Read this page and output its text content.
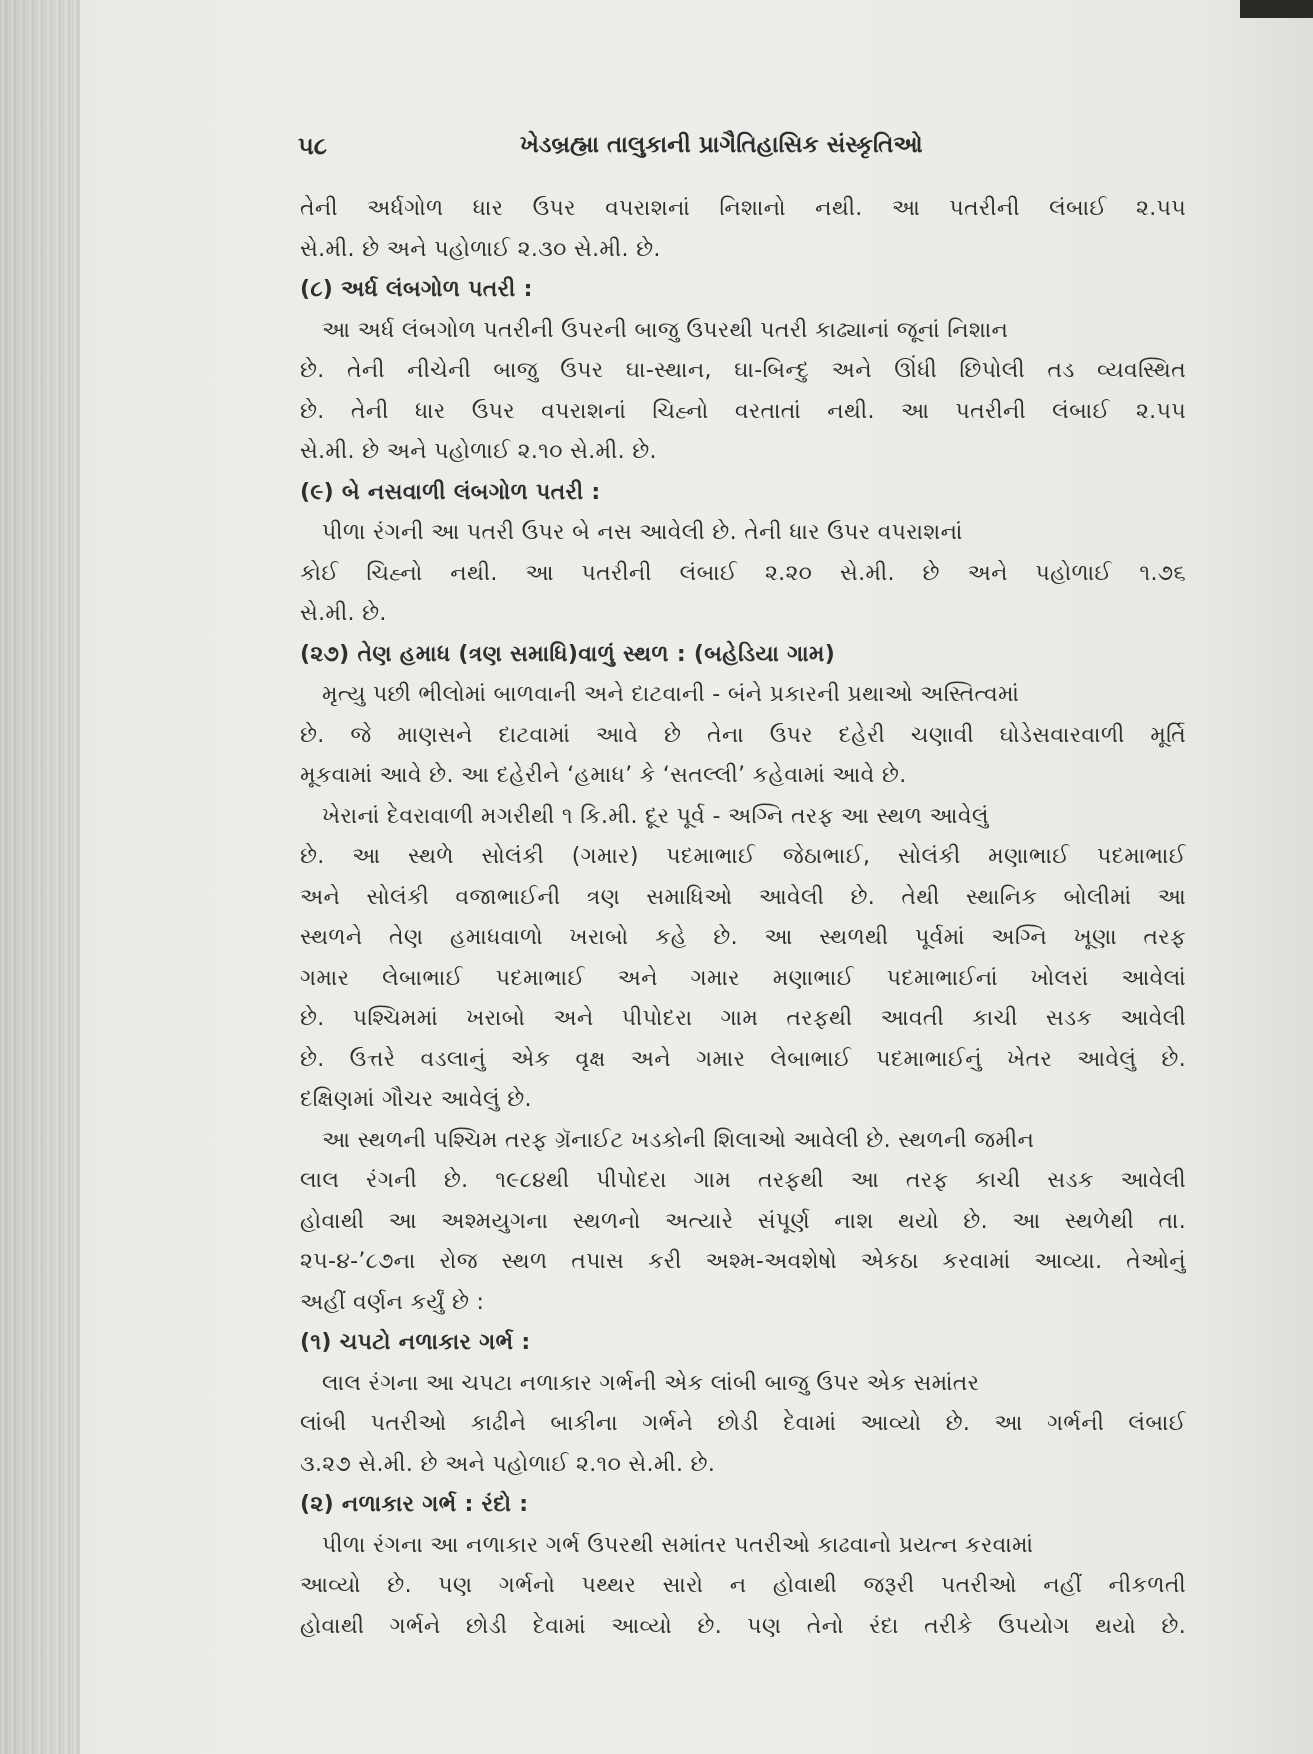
૫૮	ખેડબ્રહ્મા તાલુકાની પ્રાગૈતિહાસિક સંસ્કૃતિઓ
તેની અર્ધગોળ ધાર ઉપર વપરાશનાં નિશાનો નથી. આ પતરીની લંબાઈ ૨.૫૫
સે.મી. છે અને પહોળાઈ ૨.૩૦ સે.મી. છે.
(૮) અર્ધ લંબગોળ પતરી :
આ અર્ધ લંબગોળ પતરીની ઉપરની બાજુ ઉપરથી પતરી કાઢ્યાનાં જૂનાં નિશાન
છે. તેની નીચેની બાજુ ઉપર ઘા-સ્થાન, ઘા-બિન્દુ અને ઊંધી છિપોલી તડ વ્યવસ્થિત
છે. તેની ધાર ઉપર વપરાશનાં ચિહ્નો વરતાતાં નથી. આ પતરીની લંબાઈ ૨.૫૫
સે.મી. છે અને પહોળાઈ ૨.૧૦ સે.મી. છે.
(૯) બે નસવાળી લંબગોળ પતરી :
પીળા રંગની આ પતરી ઉપર બે નસ આવેલી છે. તેની ધાર ઉપર વપરાશનાં
કોઈ ચિહ્નો નથી. આ પતરીની લંબાઈ ૨.૨૦ સે.મી. છે અને પહોળાઈ ૧.૭૬
સે.મી. છે.
(૨૭) તેણ હમાધ (ત્રણ સમાધિ)વાળું સ્થળ : (બહેડિયા ગામ)
મૃત્યુ પછી ભીલોમાં બાળવાની અને દાટવાની - બંને પ્રકારની પ્રથાઓ અસ્તિત્વમાં
છે. જે માણસને દાટવામાં આવે છે તેના ઉપર દહેરી ચણાવી ઘોડેસવારવાળી મૂર્તિ
મૂકવામાં આવે છે. આ દહેરીને ‘હમાધ’ કે ‘સતલ્લી’ કહેવામાં આવે છે.
ખેરાનાં દેવરાવાળી મગરીથી ૧ કિ.મી. દૂર પૂર્વ - અગ્નિ તરફ આ સ્થળ આવેલું
છે. આ સ્થળે સોલંકી (ગમાર) પદમાભાઈ જેઠાભાઈ, સોલંકી મણાભાઈ પદમાભાઈ
અને સોલંકી વજાભાઈની ત્રણ સમાધિઓ આવેલી છે. તેથી સ્થાનિક બોલીમાં આ
સ્થળને તેણ હમાધવાળો ખરાબો કહે છે. આ સ્થળથી પૂર્વમાં અગ્નિ ખૂણા તરફ
ગમાર લેબાભાઈ પદમાભાઈ અને ગમાર મણાભાઈ પદમાભાઈનાં ખોલરાં આવેલાં
છે. પશ્ચિમમાં ખરાબો અને પીપોદરા ગામ તરફથી આવતી કાચી સડક આવેલી
છે. ઉત્તરે વડલાનું એક વૃક્ષ અને ગમાર લેબાભાઈ પદમાભાઈનું ખેતર આવેલું છે.
દક્ષિણમાં ગૌચર આવેલું છે.
આ સ્થળની પશ્ચિમ તરફ ગ્રૅનાઈટ ખડકોની શિલાઓ આવેલી છે. સ્થળની જમીન
લાલ રંગની છે. ૧૯૮૪થી પીપોદરા ગામ તરફથી આ તરફ કાચી સડક આવેલી
હોવાથી આ અશ્મયુગના સ્થળનો અત્યારે સંપૂર્ણ નાશ થયો છે. આ સ્થળેથી તા.
૨૫-૪-’૮૭ના રોજ સ્થળ તપાસ કરી અશ્મ-અવશેષો એકઠા કરવામાં આવ્યા. તેઓનું
અહીં વર્ણન કર્યું છે :
(૧) ચપટો નળાકાર ગર્ભ :
લાલ રંગના આ ચપટા નળાકાર ગર્ભની એક લાંબી બાજુ ઉપર એક સમાંતર
લાંબી પતરીઓ કાઢીને બાકીના ગર્ભને છોડી દેવામાં આવ્યો છે. આ ગર્ભની લંબાઈ
૩.૨૭ સે.મી. છે અને પહોળાઈ ૨.૧૦ સે.મી. છે.
(૨) નળાકાર ગર્ભ : રંદો :
પીળા રંગના આ નળાકાર ગર્ભ ઉપરથી સમાંતર પતરીઓ કાઢવાનો પ્રયત્ન કરવામાં
આવ્યો છે. પણ ગર્ભનો પથ્થર સારો ન હોવાથી જરૂરી પતરીઓ નહીં નીકળતી
હોવાથી ગર્ભને છોડી દેવામાં આવ્યો છે. પણ તેનો રંદા તરીકે ઉપયોગ થયો છે.
